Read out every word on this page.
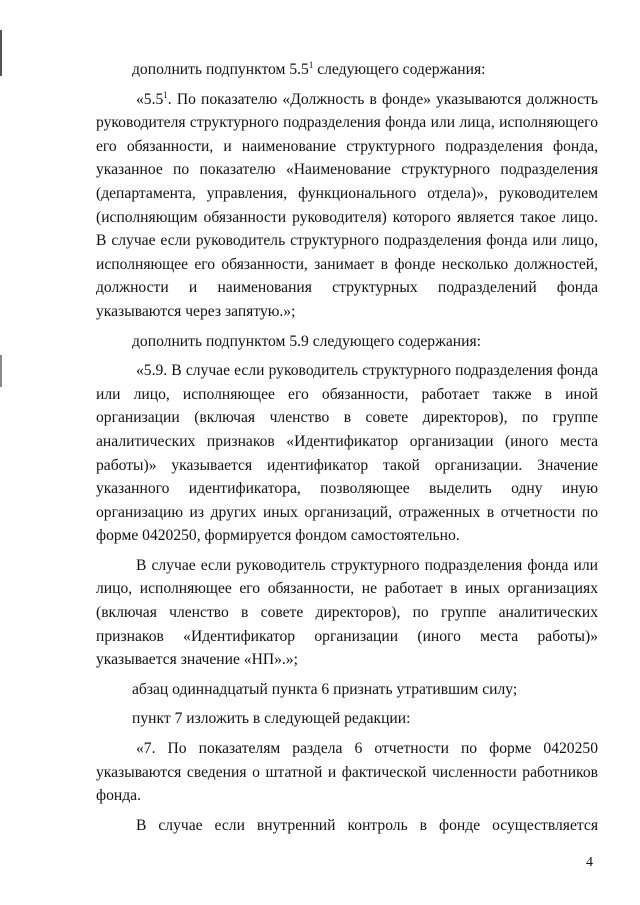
дополнить подпунктом $5.5^1$ следующего содержания:

«$5.5^1$. По показателю «Должность в фонде» указываются должность руководителя структурного подразделения фонда или лица, исполняющего его обязанности, и наименование структурного подразделения фонда, указанное по показателю «Наименование структурного подразделения (департамента, управления, функционального отдела)», руководителем (исполняющим обязанности руководителя) которого является такое лицо. В случае если руководитель структурного подразделения фонда или лицо, исполняющее его обязанности, занимает в фонде несколько должностей, должности и наименования структурных подразделений фонда указываются через запятую.»;

дополнить подпунктом 5.9 следующего содержания:

«5.9. В случае если руководитель структурного подразделения фонда или лицо, исполняющее его обязанности, работает также в иной организации (включая членство в совете директоров), по группе аналитических признаков «Идентификатор организации (иного места работы)» указывается идентификатор такой организации. Значение указанного идентификатора, позволяющее выделить одну иную организацию из других иных организаций, отраженных в отчетности по форме 0420250, формируется фондом самостоятельно.

В случае если руководитель структурного подразделения фонда или лицо, исполняющее его обязанности, не работает в иных организациях (включая членство в совете директоров), по группе аналитических признаков «Идентификатор организации (иного места работы)» указывается значение «НП».»;

абзац одиннадцатый пункта 6 признать утратившим силу;

пункт 7 изложить в следующей редакции:

«7. По показателям раздела 6 отчетности по форме 0420250 указываются сведения о штатной и фактической численности работников фонда.

В случае если внутренний контроль в фонде осуществляется

4
